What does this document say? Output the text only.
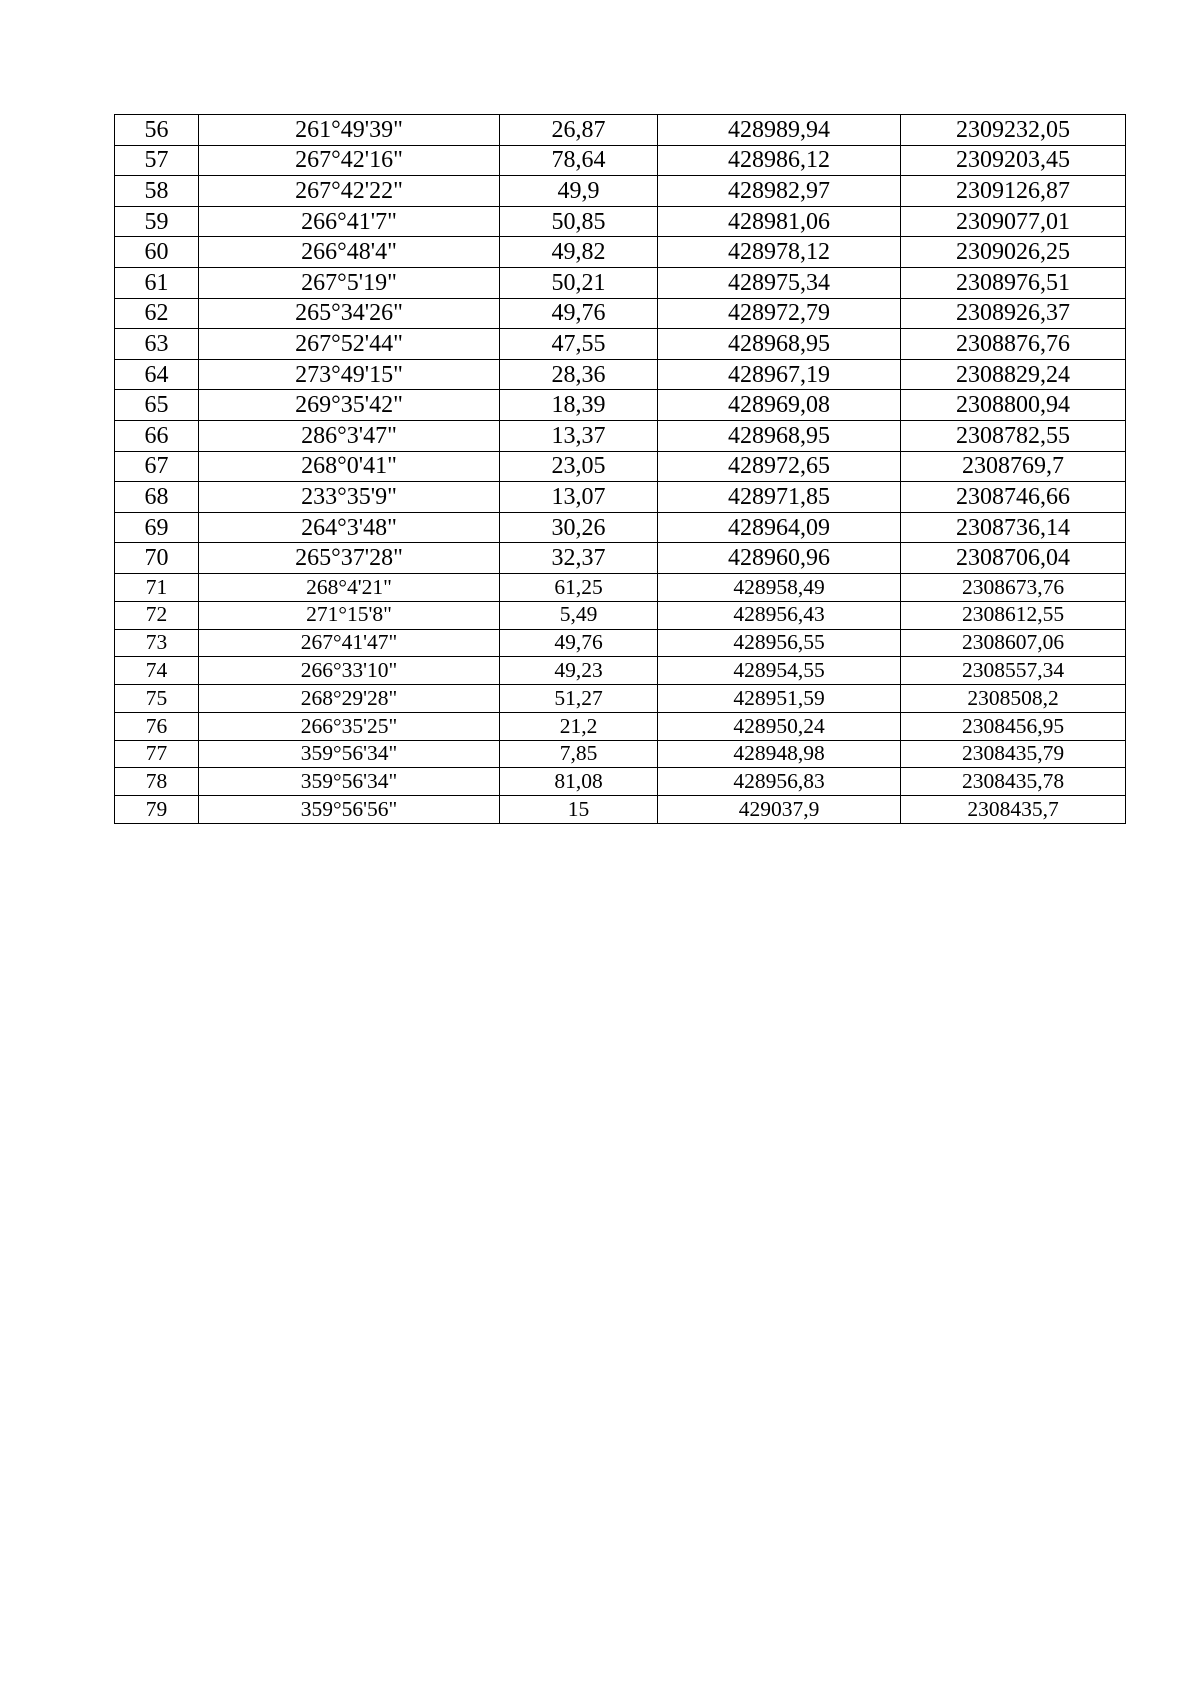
56	261°49'39"	26,87	428989,94	2309232,05
57	267°42'16"	78,64	428986,12	2309203,45
58	267°42'22"	49,9	428982,97	2309126,87
59	266°41'7"	50,85	428981,06	2309077,01
60	266°48'4"	49,82	428978,12	2309026,25
61	267°5'19"	50,21	428975,34	2308976,51
62	265°34'26"	49,76	428972,79	2308926,37
63	267°52'44"	47,55	428968,95	2308876,76
64	273°49'15"	28,36	428967,19	2308829,24
65	269°35'42"	18,39	428969,08	2308800,94
66	286°3'47"	13,37	428968,95	2308782,55
67	268°0'41"	23,05	428972,65	2308769,7
68	233°35'9"	13,07	428971,85	2308746,66
69	264°3'48"	30,26	428964,09	2308736,14
70	265°37'28"	32,37	428960,96	2308706,04
71	268°4'21"	61,25	428958,49	2308673,76
72	271°15'8"	5,49	428956,43	2308612,55
73	267°41'47"	49,76	428956,55	2308607,06
74	266°33'10"	49,23	428954,55	2308557,34
75	268°29'28"	51,27	428951,59	2308508,2
76	266°35'25"	21,2	428950,24	2308456,95
77	359°56'34"	7,85	428948,98	2308435,79
78	359°56'34"	81,08	428956,83	2308435,78
79	359°56'56"	15	429037,9	2308435,7
